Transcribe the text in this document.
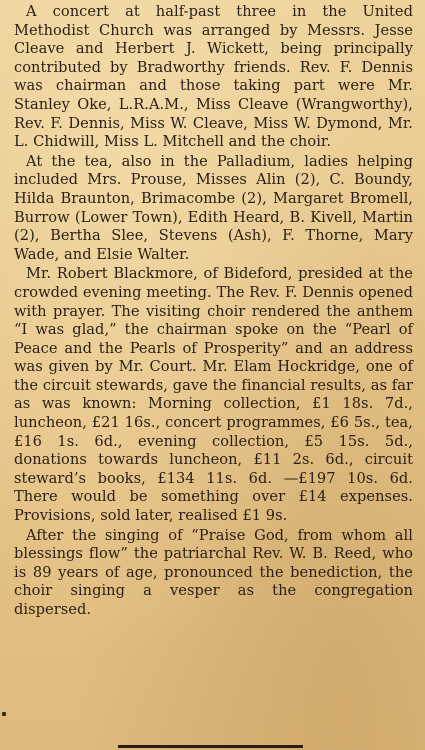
A concert at half-past three in the United Methodist Church was arranged by Messrs. Jesse Cleave and Herbert J. Wickett, being principally contributed by Bradworthy friends. Rev. F. Dennis was chairman and those taking part were Mr. Stanley Oke, L.R.A.M., Miss Cleave (Wrangworthy), Rev. F. Dennis, Miss W. Cleave, Miss W. Dymond, Mr. L. Chidwill, Miss L. Mitchell and the choir.

At the tea, also in the Palladium, ladies helping included Mrs. Prouse, Misses Alin (2), C. Boundy, Hilda Braunton, Brimacombe (2), Margaret Bromell, Burrow (Lower Town), Edith Heard, B. Kivell, Martin (2), Bertha Slee, Stevens (Ash), F. Thorne, Mary Wade, and Elsie Walter.

Mr. Robert Blackmore, of Bideford, presided at the crowded evening meeting. The Rev. F. Dennis opened with prayer. The visiting choir rendered the anthem “I was glad,” the chairman spoke on the “Pearl of Peace and the Pearls of Prosperity” and an address was given by Mr. Court. Mr. Elam Hockridge, one of the circuit stewards, gave the financial results, as far as was known: Morning collection, £1 18s. 7d., luncheon, £21 16s., concert programmes, £6 5s., tea, £16 1s. 6d., evening collection, £5 15s. 5d., donations towards luncheon, £11 2s. 6d., circuit steward’s books, £134 11s. 6d. —£197 10s. 6d. There would be something over £14 expenses. Provisions, sold later, realised £1 9s.

After the singing of “Praise God, from whom all blessings flow” the patriarchal Rev. W. B. Reed, who is 89 years of age, pronounced the benediction, the choir singing a vesper as the congregation dispersed.
